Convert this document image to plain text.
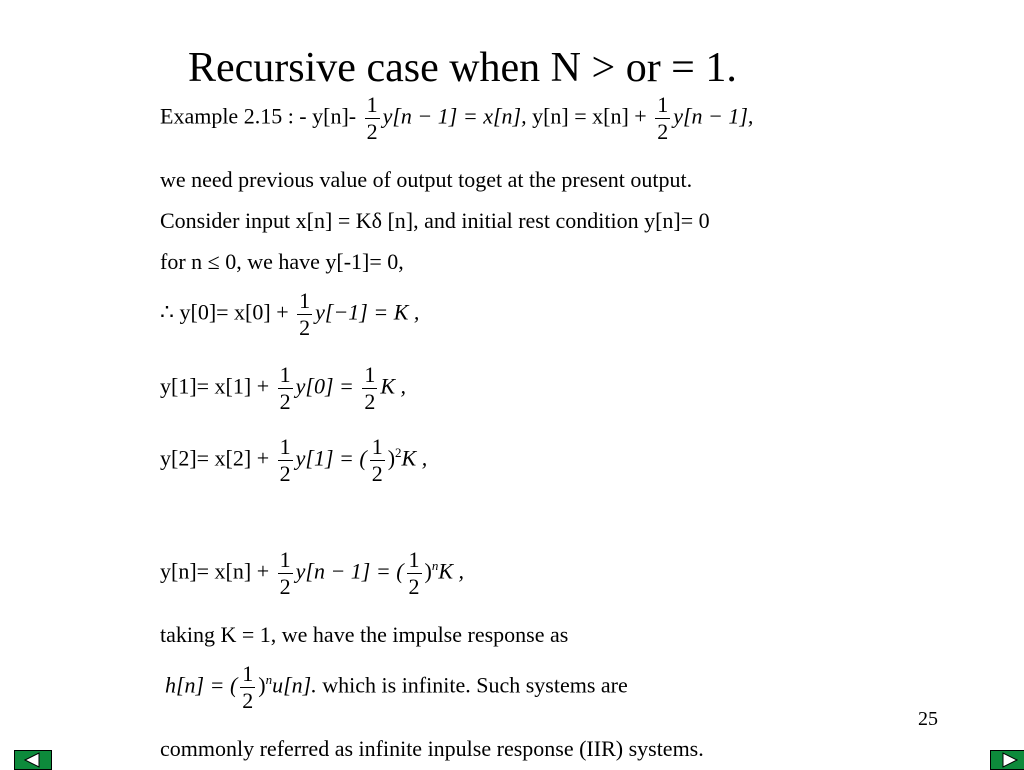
Recursive case when N > or = 1.
Example 2.15 : - $y[n]- \frac{1}{2} y[n - 1] = x[n]$, $y[n] = x[n] + \frac{1}{2} y[n - 1]$,
we need previous value of output toget at the present output.
Consider input x[n] = Kδ [n], and initial rest condition y[n]= 0
for n ≤ 0, we have y[-1]= 0,
∴ $y[0]= x[0] + \frac{1}{2} y[-1] = K$ ,
$y[1]= x[1] + \frac{1}{2} y[0] = \frac{1}{2}$ K ,
$y[2]= x[2] + \frac{1}{2} y[1]$ = ( $\frac{1}{2} )^2K$ ,
$y[n]= x[n] + \frac{1}{2} y[n - 1]$ = ( $\frac{1}{2} )^nK$ ,
taking K = 1, we have the impulse response as
h[n] = ( $\frac{1}{2} )^nu[n]$. which is infinite. Such systems are
25
commonly referred as infinite inpulse response (IIR) systems.
